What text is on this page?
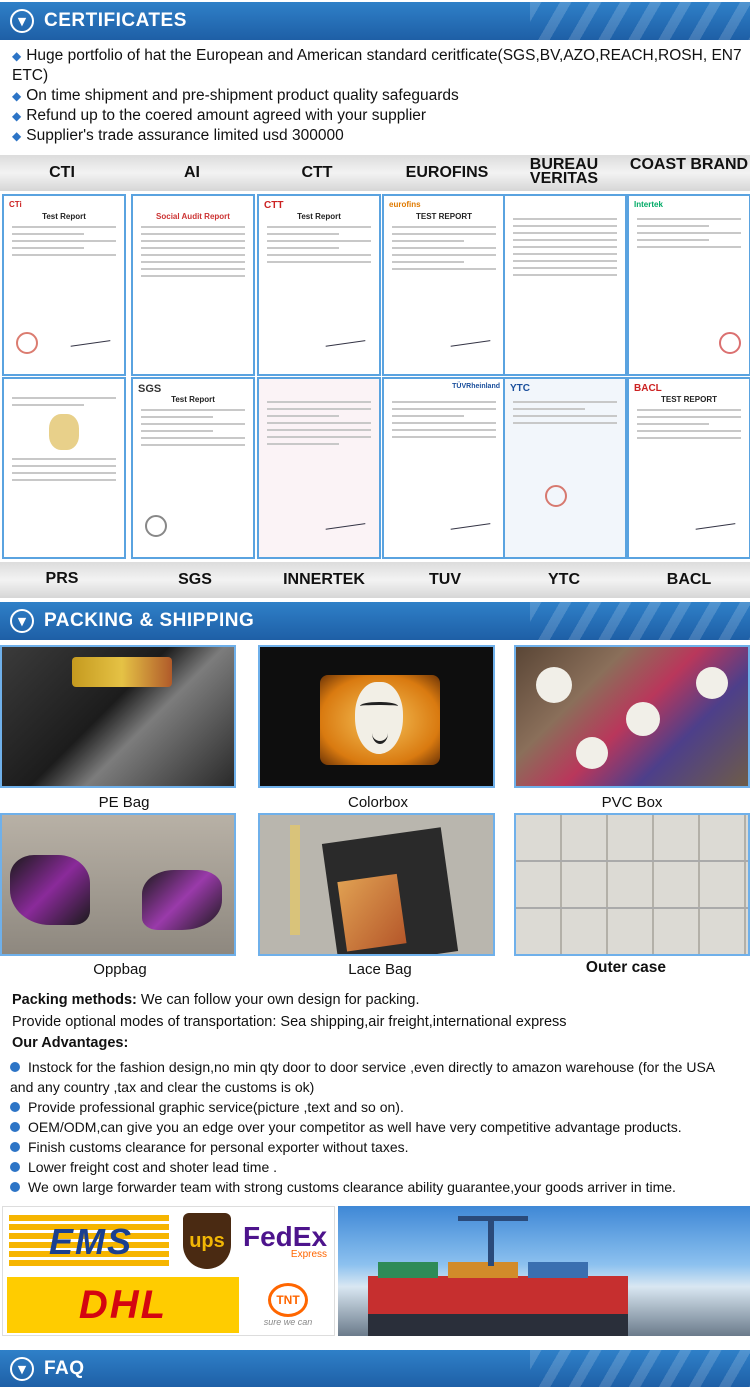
▼ CERTIFICATES
◆ Huge portfolio of hat the European and American standard ceritficate(SGS,BV,AZO,REACH,ROSH, EN7 ETC)
◆ On time shipment and pre-shipment product quality safeguards
◆ Refund up to the coered amount agreed with your supplier
◆ Supplier's trade assurance limited usd 300000
CTI	AI	CTT	EUROFINS	BUREAU VERITAS
COAST BRAND
CTi
Test Report	Social Audit Report
CTT
Test Report
eurofins
TEST REPORT
Intertek
SGS
Test Report
TÜVRheinland YTC	BACL
TEST REPORT
PRS	SGS	INNERTEK	TUV	YTC	BACL
▼ PACKING & SHIPPING
PE Bag	Colorbox	PVC Box
Oppbag	Lace Bag	Outer case
Packing methods: We can follow your own design for packing.
Provide optional modes of transportation: Sea shipping,air freight,international express
Our Advantages:
Instock for the fashion design,no min qty door to door service ,even directly to amazon warehouse (for the USA and any country ,tax and clear the customs is ok)
Provide professional graphic service(picture ,text and so on).
OEM/ODM,can give you an edge over your competitor as well have very competitive advantage products.
Finish customs clearance for personal exporter without taxes.
Lower freight cost and shoter lead time .
We own large forwarder team with strong customs clearance ability guarantee,your goods arriver in time.
EMS	ups FedEx
Express
DHL	TNT
sure we can
▼ FAQ
